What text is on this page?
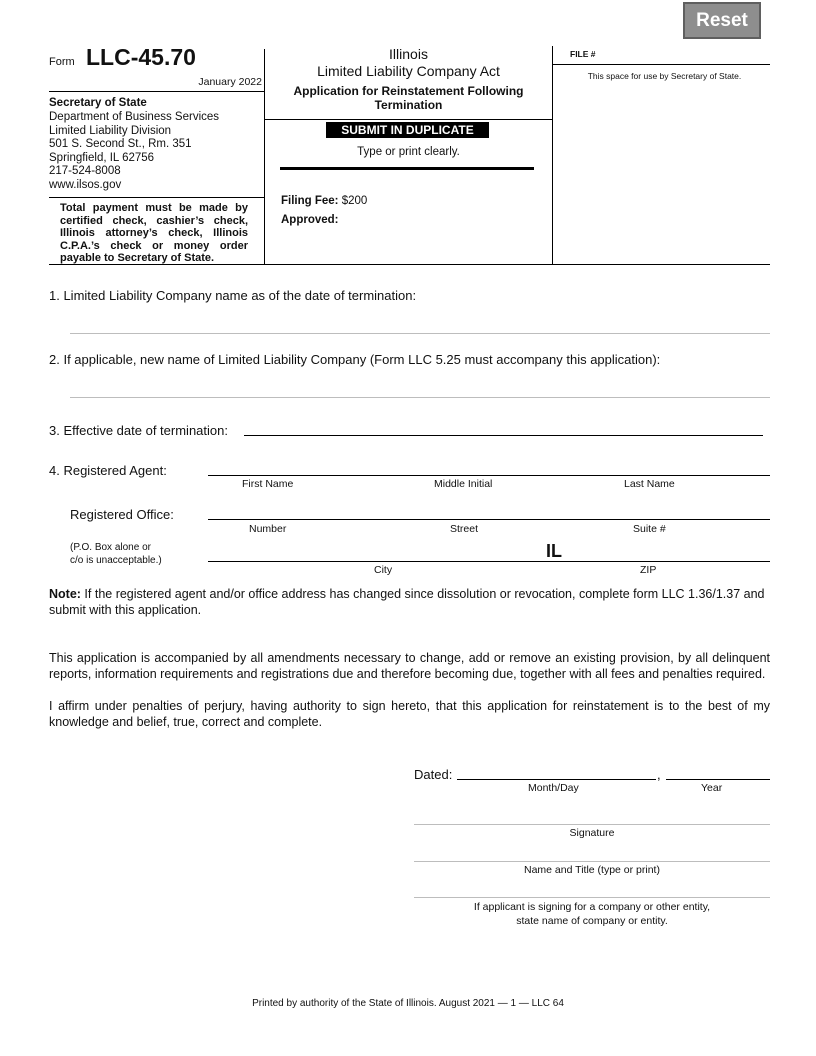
Reset
Form LLC-45.70
January 2022
Secretary of State
Department of Business Services
Limited Liability Division
501 S. Second St., Rm. 351
Springfield, IL 62756
217-524-8008
www.ilsos.gov
Total payment must be made by certified check, cashier’s check, Illinois attorney’s check, Illinois C.P.A.’s check or money order payable to Secretary of State.
Illinois
Limited Liability Company Act
Application for Reinstatement Following
Termination
SUBMIT IN DUPLICATE
Type or print clearly.
Filing Fee: $200
Approved:
FILE #
This space for use by Secretary of State.
1. Limited Liability Company name as of the date of termination:
2. If applicable, new name of Limited Liability Company (Form LLC 5.25 must accompany this application):
3. Effective date of termination:
4. Registered Agent:
First Name	Middle Initial	Last Name
Registered Office:
Number	Street	Suite #
(P.O. Box alone or
c/o is unacceptable.)	IL
City	ZIP
Note: If the registered agent and/or office address has changed since dissolution or revocation, complete form LLC 1.36/1.37 and submit with this application.
This application is accompanied by all amendments necessary to change, add or remove an existing provision, by all delinquent reports, information requirements and registrations due and therefore becoming due, together with all fees and penalties required.
I affirm under penalties of perjury, having authority to sign hereto, that this application for reinstatement is to the best of my knowledge and belief, true, correct and complete.
Dated:	,
Month/Day	Year
Signature
Name and Title (type or print)
If applicant is signing for a company or other entity,
state name of company or entity.
Printed by authority of the State of Illinois. August 2021 — 1 — LLC 64
